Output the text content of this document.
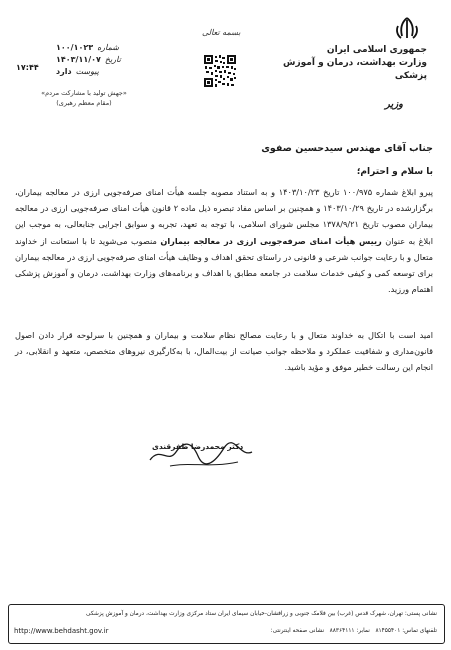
جمهوری اسلامی ایران
وزارت بهداشت، درمان و آموزش پزشکی
وزیر
بسمه تعالی
شماره
۱۰۰/۱۰۲۳
تاریخ
۱۴۰۳/۱۱/۰۷
پیوست
دارد
۱۷:۴۴
«جهش تولید با مشارکت مردم»
(مقام معظم رهبری)
جناب آقای مهندس سیدحسین صفوی
با سلام و احترام؛
پیرو ابلاغ شماره ۱۰۰/۹۷۵ تاریخ ۱۴۰۳/۱۰/۲۳ و به استناد مصوبه جلسه هیأت امنای صرفه‌جویی ارزی در معالجه بیماران، برگزارشده در تاریخ ۱۴۰۳/۱۰/۲۹ و همچنین بر اساس مفاد تبصره ذیل ماده ۲ قانون هیأت امنای صرفه‌جویی ارزی در معالجه بیماران مصوب تاریخ ۱۳۷۸/۹/۲۱ مجلس شورای اسلامی، با توجه به تعهد، تجربه و سوابق اجرایی جنابعالی، به موجب این ابلاغ به عنوان رییس هیأت امنای صرفه‌جویی ارزی در معالجه بیماران منصوب می‌شوید تا با استعانت از خداوند متعال و با رعایت جوانب شرعی و قانونی در راستای تحقق اهداف و وظایف هیأت امنای صرفه‌جویی ارزی در معالجه بیماران برای توسعه کمی و کیفی خدمات سلامت در جامعه مطابق با اهداف و برنامه‌های وزارت بهداشت، درمان و آموزش پزشکی اهتمام ورزید.
امید است با اتکال به خداوند متعال و با رعایت مصالح نظام سلامت و بیماران و همچنین با سرلوحه قرار دادن اصول قانون‌مداری و شفافیت عملکرد و ملاحظه جوانب صیانت از بیت‌المال، با به‌کارگیری نیروهای متخصص، متعهد و انقلابی، در انجام این رسالت خطیر موفق و مؤید باشید.
دکتر محمدرضا ظفرقندی
نشانی پستی: تهران، شهرک قدس (غرب) بین فلامک جنوبی و زرافشان-خیابان سیمای ایران ستاد مرکزی وزارت بهداشت، درمان و آموزش پزشکی
تلفنهای تماس: ۸۱۴۵۵۴۰۱   نمابر: ۸۸۳۶۴۱۱۱   نشانی صفحه اینترنتی:
http://www.behdasht.gov.ir
